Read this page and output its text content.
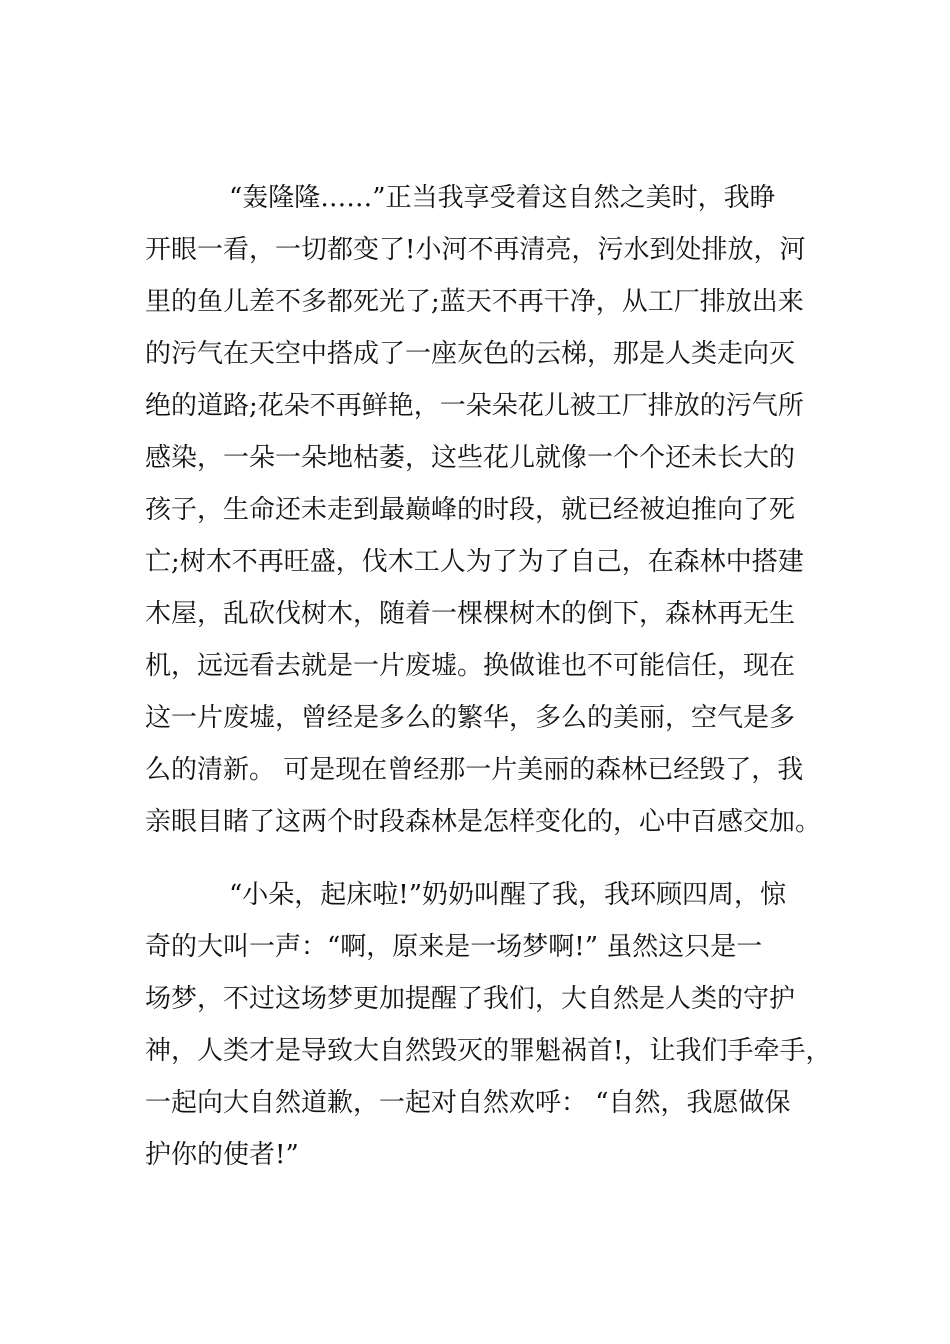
“轰隆隆……”正当我享受着这自然之美时，我睁
开眼一看，一切都变了!小河不再清亮，污水到处排放，河
里的鱼儿差不多都死光了;蓝天不再干净，从工厂排放出来
的污气在天空中搭成了一座灰色的云梯，那是人类走向灭
绝的道路;花朵不再鲜艳，一朵朵花儿被工厂排放的污气所
感染，一朵一朵地枯萎，这些花儿就像一个个还未长大的
孩子，生命还未走到最巅峰的时段，就已经被迫推向了死
亡;树木不再旺盛，伐木工人为了为了自己，在森林中搭建
木屋，乱砍伐树木，随着一棵棵树木的倒下，森林再无生
机，远远看去就是一片废墟。换做谁也不可能信任，现在
这一片废墟，曾经是多么的繁华，多么的美丽，空气是多
么的清新。 可是现在曾经那一片美丽的森林已经毁了，我
亲眼目睹了这两个时段森林是怎样变化的，心中百感交加。
“小朵，起床啦!”奶奶叫醒了我，我环顾四周，惊
奇的大叫一声：“啊，原来是一场梦啊!” 虽然这只是一
场梦，不过这场梦更加提醒了我们，大自然是人类的守护
神，人类才是导致大自然毁灭的罪魁祸首!，让我们手牵手，
一起向大自然道歉，一起对自然欢呼： “自然，我愿做保
护你的使者!”
